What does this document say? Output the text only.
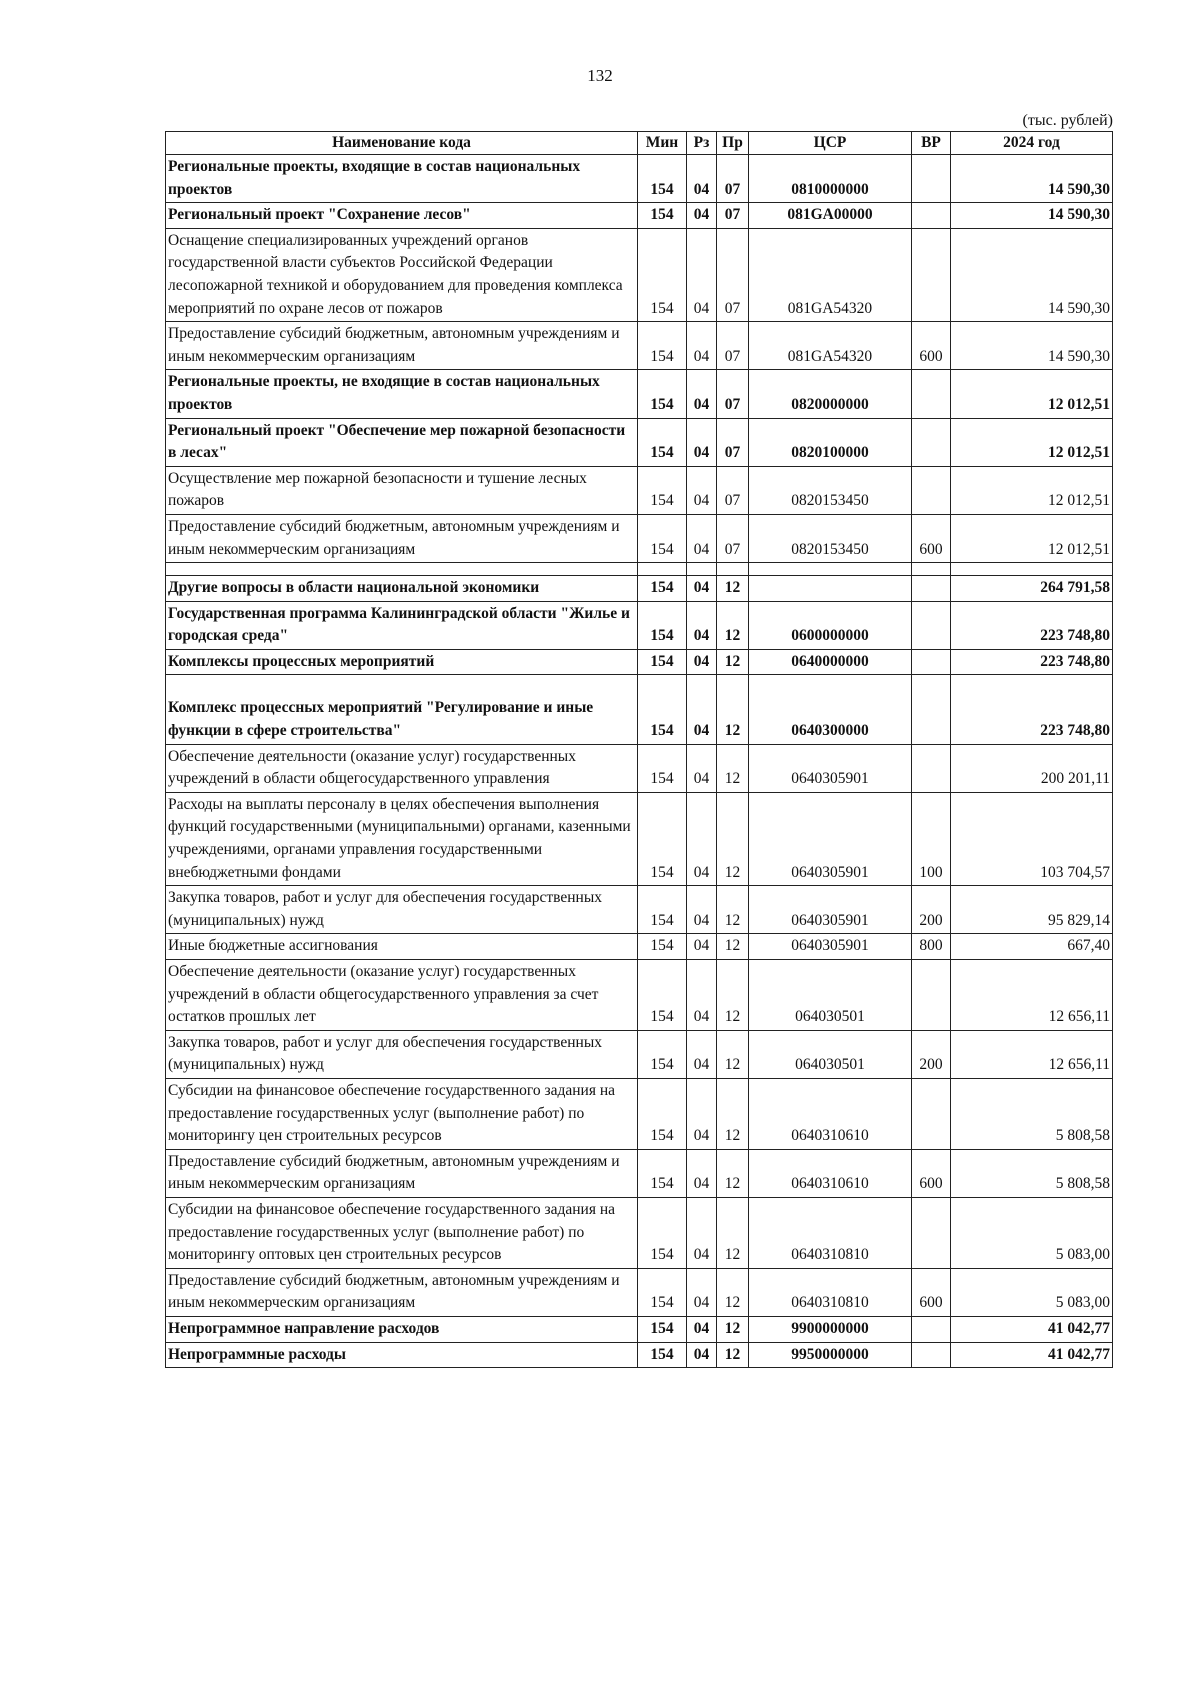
132
(тыс. рублей)
Наименование кода	Мин	Рз	Пр	ЦСР	ВР	2024 год
Региональные проекты, входящие в состав национальных проектов	154	04	07	0810000000		14 590,30
Региональный проект "Сохранение лесов"	154	04	07	081GA00000		14 590,30
Оснащение специализированных учреждений органов государственной власти субъектов Российской Федерации лесопожарной техникой и оборудованием для проведения комплекса мероприятий по охране лесов от пожаров	154	04	07	081GA54320		14 590,30
Предоставление субсидий бюджетным, автономным учреждениям и иным некоммерческим организациям	154	04	07	081GA54320	600	14 590,30
Региональные проекты, не входящие в состав национальных проектов	154	04	07	0820000000		12 012,51
Региональный проект "Обеспечение мер пожарной безопасности в лесах"	154	04	07	0820100000		12 012,51
Осуществление мер пожарной безопасности и тушение лесных пожаров	154	04	07	0820153450		12 012,51
Предоставление субсидий бюджетным, автономным учреждениям и иным некоммерческим организациям	154	04	07	0820153450	600	12 012,51

Другие вопросы в области национальной экономики	154	04	12			264 791,58
Государственная программа Калининградской области "Жилье и городская среда"	154	04	12	0600000000		223 748,80
Комплексы процессных мероприятий	154	04	12	0640000000		223 748,80
Комплекс процессных мероприятий "Регулирование и иные функции в сфере строительства"	154	04	12	0640300000		223 748,80
Обеспечение деятельности (оказание услуг) государственных учреждений в области общегосударственного управления	154	04	12	0640305901		200 201,11
Расходы на выплаты персоналу в целях обеспечения выполнения функций государственными (муниципальными) органами, казенными учреждениями, органами управления государственными внебюджетными фондами	154	04	12	0640305901	100	103 704,57
Закупка товаров, работ и услуг для обеспечения государственных (муниципальных) нужд	154	04	12	0640305901	200	95 829,14
Иные бюджетные ассигнования	154	04	12	0640305901	800	667,40
Обеспечение деятельности (оказание услуг) государственных учреждений в области общегосударственного управления за счет остатков прошлых лет	154	04	12	064030501		12 656,11
Закупка товаров, работ и услуг для обеспечения государственных (муниципальных) нужд	154	04	12	064030501	200	12 656,11
Субсидии на финансовое обеспечение государственного задания на предоставление государственных услуг (выполнение работ) по мониторингу цен строительных ресурсов	154	04	12	0640310610		5 808,58
Предоставление субсидий бюджетным, автономным учреждениям и иным некоммерческим организациям	154	04	12	0640310610	600	5 808,58
Субсидии на финансовое обеспечение государственного задания на предоставление государственных услуг (выполнение работ) по мониторингу оптовых цен строительных ресурсов	154	04	12	0640310810		5 083,00
Предоставление субсидий бюджетным, автономным учреждениям и иным некоммерческим организациям	154	04	12	0640310810	600	5 083,00
Непрограммное направление расходов	154	04	12	9900000000		41 042,77
Непрограммные расходы	154	04	12	9950000000		41 042,77
